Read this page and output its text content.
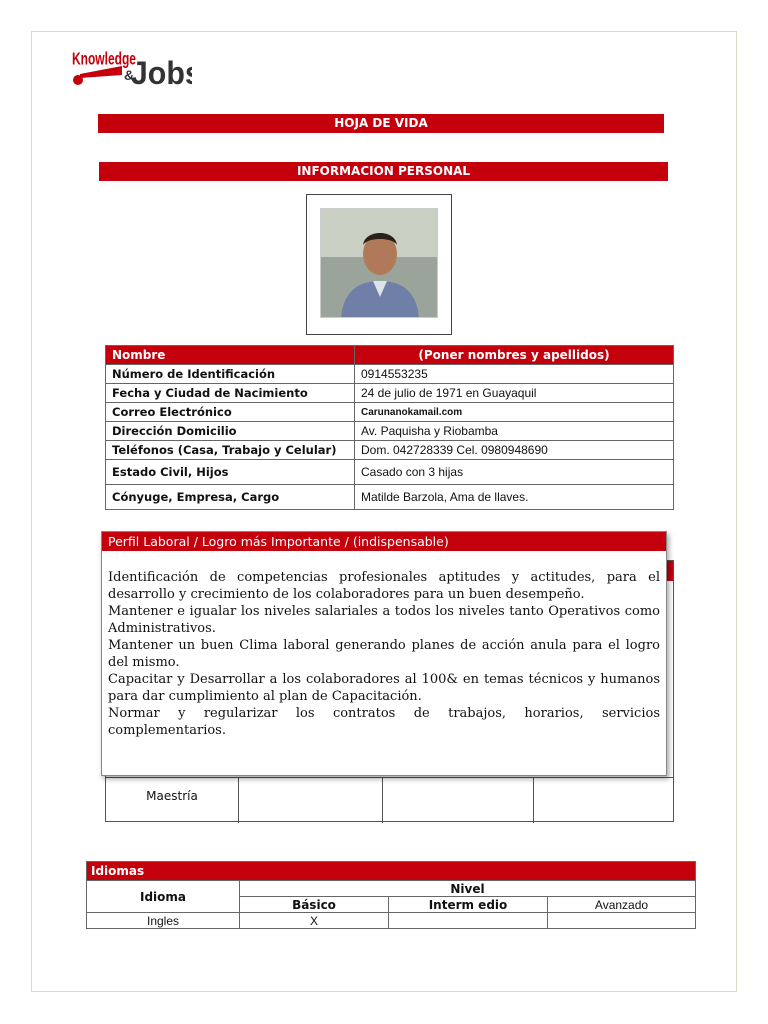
Knowledge
&
Job
HOJA DE VIDA
INFORMACION PERSONAL
Nombre	(Poner nombres y apellidos)
Número de Identificación	0914553235
Fecha y Ciudad de Nacimiento	24 de julio de 1971 en Guayaquil
Correo Electrónico	Carunanokamail.com
Dirección Domicilio	Av. Paquisha y Riobamba
Teléfonos (Casa, Trabajo y Celular)	Dom. 042728339 Cel. 0980948690
Estado Civil, Hijos	Casado con 3 hijas
Cónyuge, Empresa, Cargo	Matilde Barzola, Ama de llaves.
Maestría
Perfil Laboral / Logro más Importante / (indispensable)

Identificación de competencias profesionales aptitudes y actitudes, para el desarrollo y crecimiento de los colaboradores para un buen desempeño.

Mantener e igualar los niveles salariales a todos los niveles tanto Operativos como Administrativos.

Mantener un buen Clima laboral generando planes de acción anula para el logro del mismo.

Capacitar y Desarrollar a los colaboradores al 100& en temas técnicos y humanos para dar cumplimiento al plan de Capacitación.

Normar y regularizar los contratos de trabajos, horarios, servicios complementarios.

Idiomas			
Idioma	Nivel		
	Básico	Interm edio	Avanzado
Ingles	X		
